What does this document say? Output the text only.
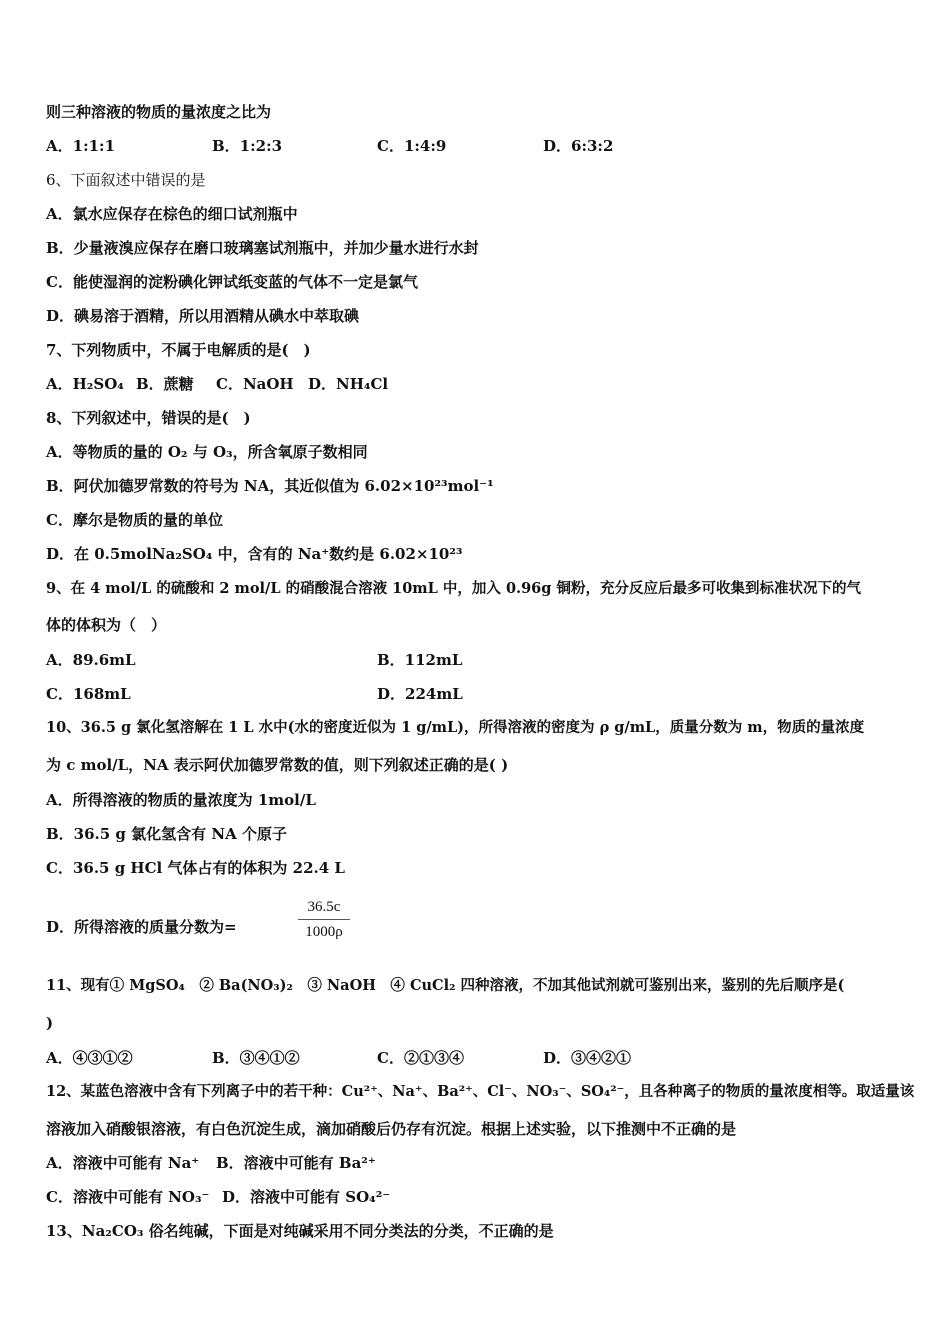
则三种溶液的物质的量浓度之比为
A．1:1:1	B．1:2:3	C．1:4:9	D．6:3:2
6、下面叙述中错误的是
A．氯水应保存在棕色的细口试剂瓶中
B．少量液溴应保存在磨口玻璃塞试剂瓶中，并加少量水进行水封
C．能使湿润的淀粉碘化钾试纸变蓝的气体不一定是氯气
D．碘易溶于酒精，所以用酒精从碘水中萃取碘
7、下列物质中，不属于电解质的是(　)
A．H₂SO₄ B．蔗糖 C．NaOH D．NH₄Cl
8、下列叙述中，错误的是(　)
A．等物质的量的 O₂ 与 O₃，所含氧原子数相同
B．阿伏加德罗常数的符号为 NA，其近似值为 6.02×10²³mol⁻¹
C．摩尔是物质的量的单位
D．在 0.5molNa₂SO₄ 中，含有的 Na⁺数约是 6.02×10²³
9、在 4 mol/L 的硫酸和 2 mol/L 的硝酸混合溶液 10mL 中，加入 0.96g 铜粉，充分反应后最多可收集到标准状况下的气
体的体积为（　）
A．89.6mL	B．112mL
C．168mL	D．224mL
10、36.5 g 氯化氢溶解在 1 L 水中(水的密度近似为 1 g/mL)，所得溶液的密度为 ρ g/mL，质量分数为 m，物质的量浓度
为 c mol/L，NA 表示阿伏加德罗常数的值，则下列叙述正确的是( )
A．所得溶液的物质的量浓度为 1mol/L
B．36.5 g 氯化氢含有 NA 个原子
C．36.5 g HCl 气体占有的体积为 22.4 L
D．所得溶液的质量分数为=	$\frac{36.5c}{1000\rho}$
11、现有① MgSO₄　② Ba(NO₃)₂　③ NaOH　④ CuCl₂ 四种溶液，不加其他试剂就可鉴别出来，鉴别的先后顺序是(
)
A．④③①②	B．③④①②	C．②①③④	D．③④②①
12、某蓝色溶液中含有下列离子中的若干种：Cu²⁺、Na⁺、Ba²⁺、Cl⁻、NO₃⁻、SO₄²⁻，且各种离子的物质的量浓度相等。取适量该
溶液加入硝酸银溶液，有白色沉淀生成，滴加硝酸后仍存有沉淀。根据上述实验，以下推测中不正确的是
A．溶液中可能有 Na⁺ B．溶液中可能有 Ba²⁺
C．溶液中可能有 NO₃⁻ D．溶液中可能有 SO₄²⁻
13、Na₂CO₃ 俗名纯碱，下面是对纯碱采用不同分类法的分类，不正确的是
